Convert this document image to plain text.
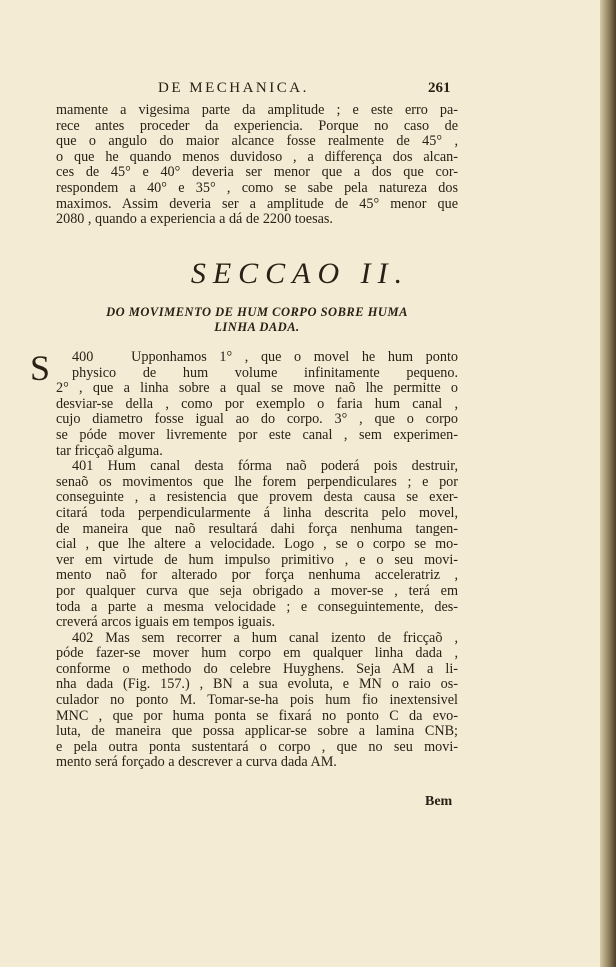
DE MECHANICA.	261
mamente a vigesima parte da amplitude ; e este erro pa-
rece antes proceder da experiencia. Porque no caso de
que o angulo do maior alcance fosse realmente de 45° ,
o que he quando menos duvidoso , a differença dos alcan-
ces de 45° e 40° deveria ser menor que a dos que cor-
respondem a 40° e 35° , como se sabe pela natureza dos
maximos. Assim deveria ser a amplitude de 45° menor que
2080 , quando a experiencia a dá de 2200 toesas.
SECCAO II.
DO MOVIMENTO DE HUM CORPO SOBRE HUMA
LINHA DADA.
S	400   Upponhamos 1° , que o movel he hum ponto
physico de hum volume infinitamente pequeno.
2° , que a linha sobre a qual se move naõ lhe permitte o
desviar-se della , como por exemplo o faria hum canal ,
cujo diametro fosse igual ao do corpo. 3° , que o corpo
se póde mover livremente por este canal , sem experimen-
tar fricçaõ alguma.
401 Hum canal desta fórma naõ poderá pois destruir,
senaõ os movimentos que lhe forem perpendiculares ; e por
conseguinte , a resistencia que provem desta causa se exer-
citará toda perpendicularmente á linha descrita pelo movel,
de maneira que naõ resultará dahi força nenhuma tangen-
cial , que lhe altere a velocidade. Logo , se o corpo se mo-
ver em virtude de hum impulso primitivo , e o seu movi-
mento naõ for alterado por força nenhuma acceleratriz ,
por qualquer curva que seja obrigado a mover-se , terá em
toda a parte a mesma velocidade ; e conseguintemente, des-
creverá arcos iguais em tempos iguais.
402 Mas sem recorrer a hum canal izento de fricçaõ ,
póde fazer-se mover hum corpo em qualquer linha dada ,
conforme o methodo do celebre Huyghens. Seja AM a li-
nha dada (Fig. 157.) , BN a sua evoluta, e MN o raio os-
culador no ponto M. Tomar-se-ha pois hum fio inextensivel
MNC , que por huma ponta se fixará no ponto C da evo-
luta, de maneira que possa applicar-se sobre a lamina CNB;
e pela outra ponta sustentará o corpo , que no seu movi-
mento será forçado a descrever a curva dada AM.
Bem
